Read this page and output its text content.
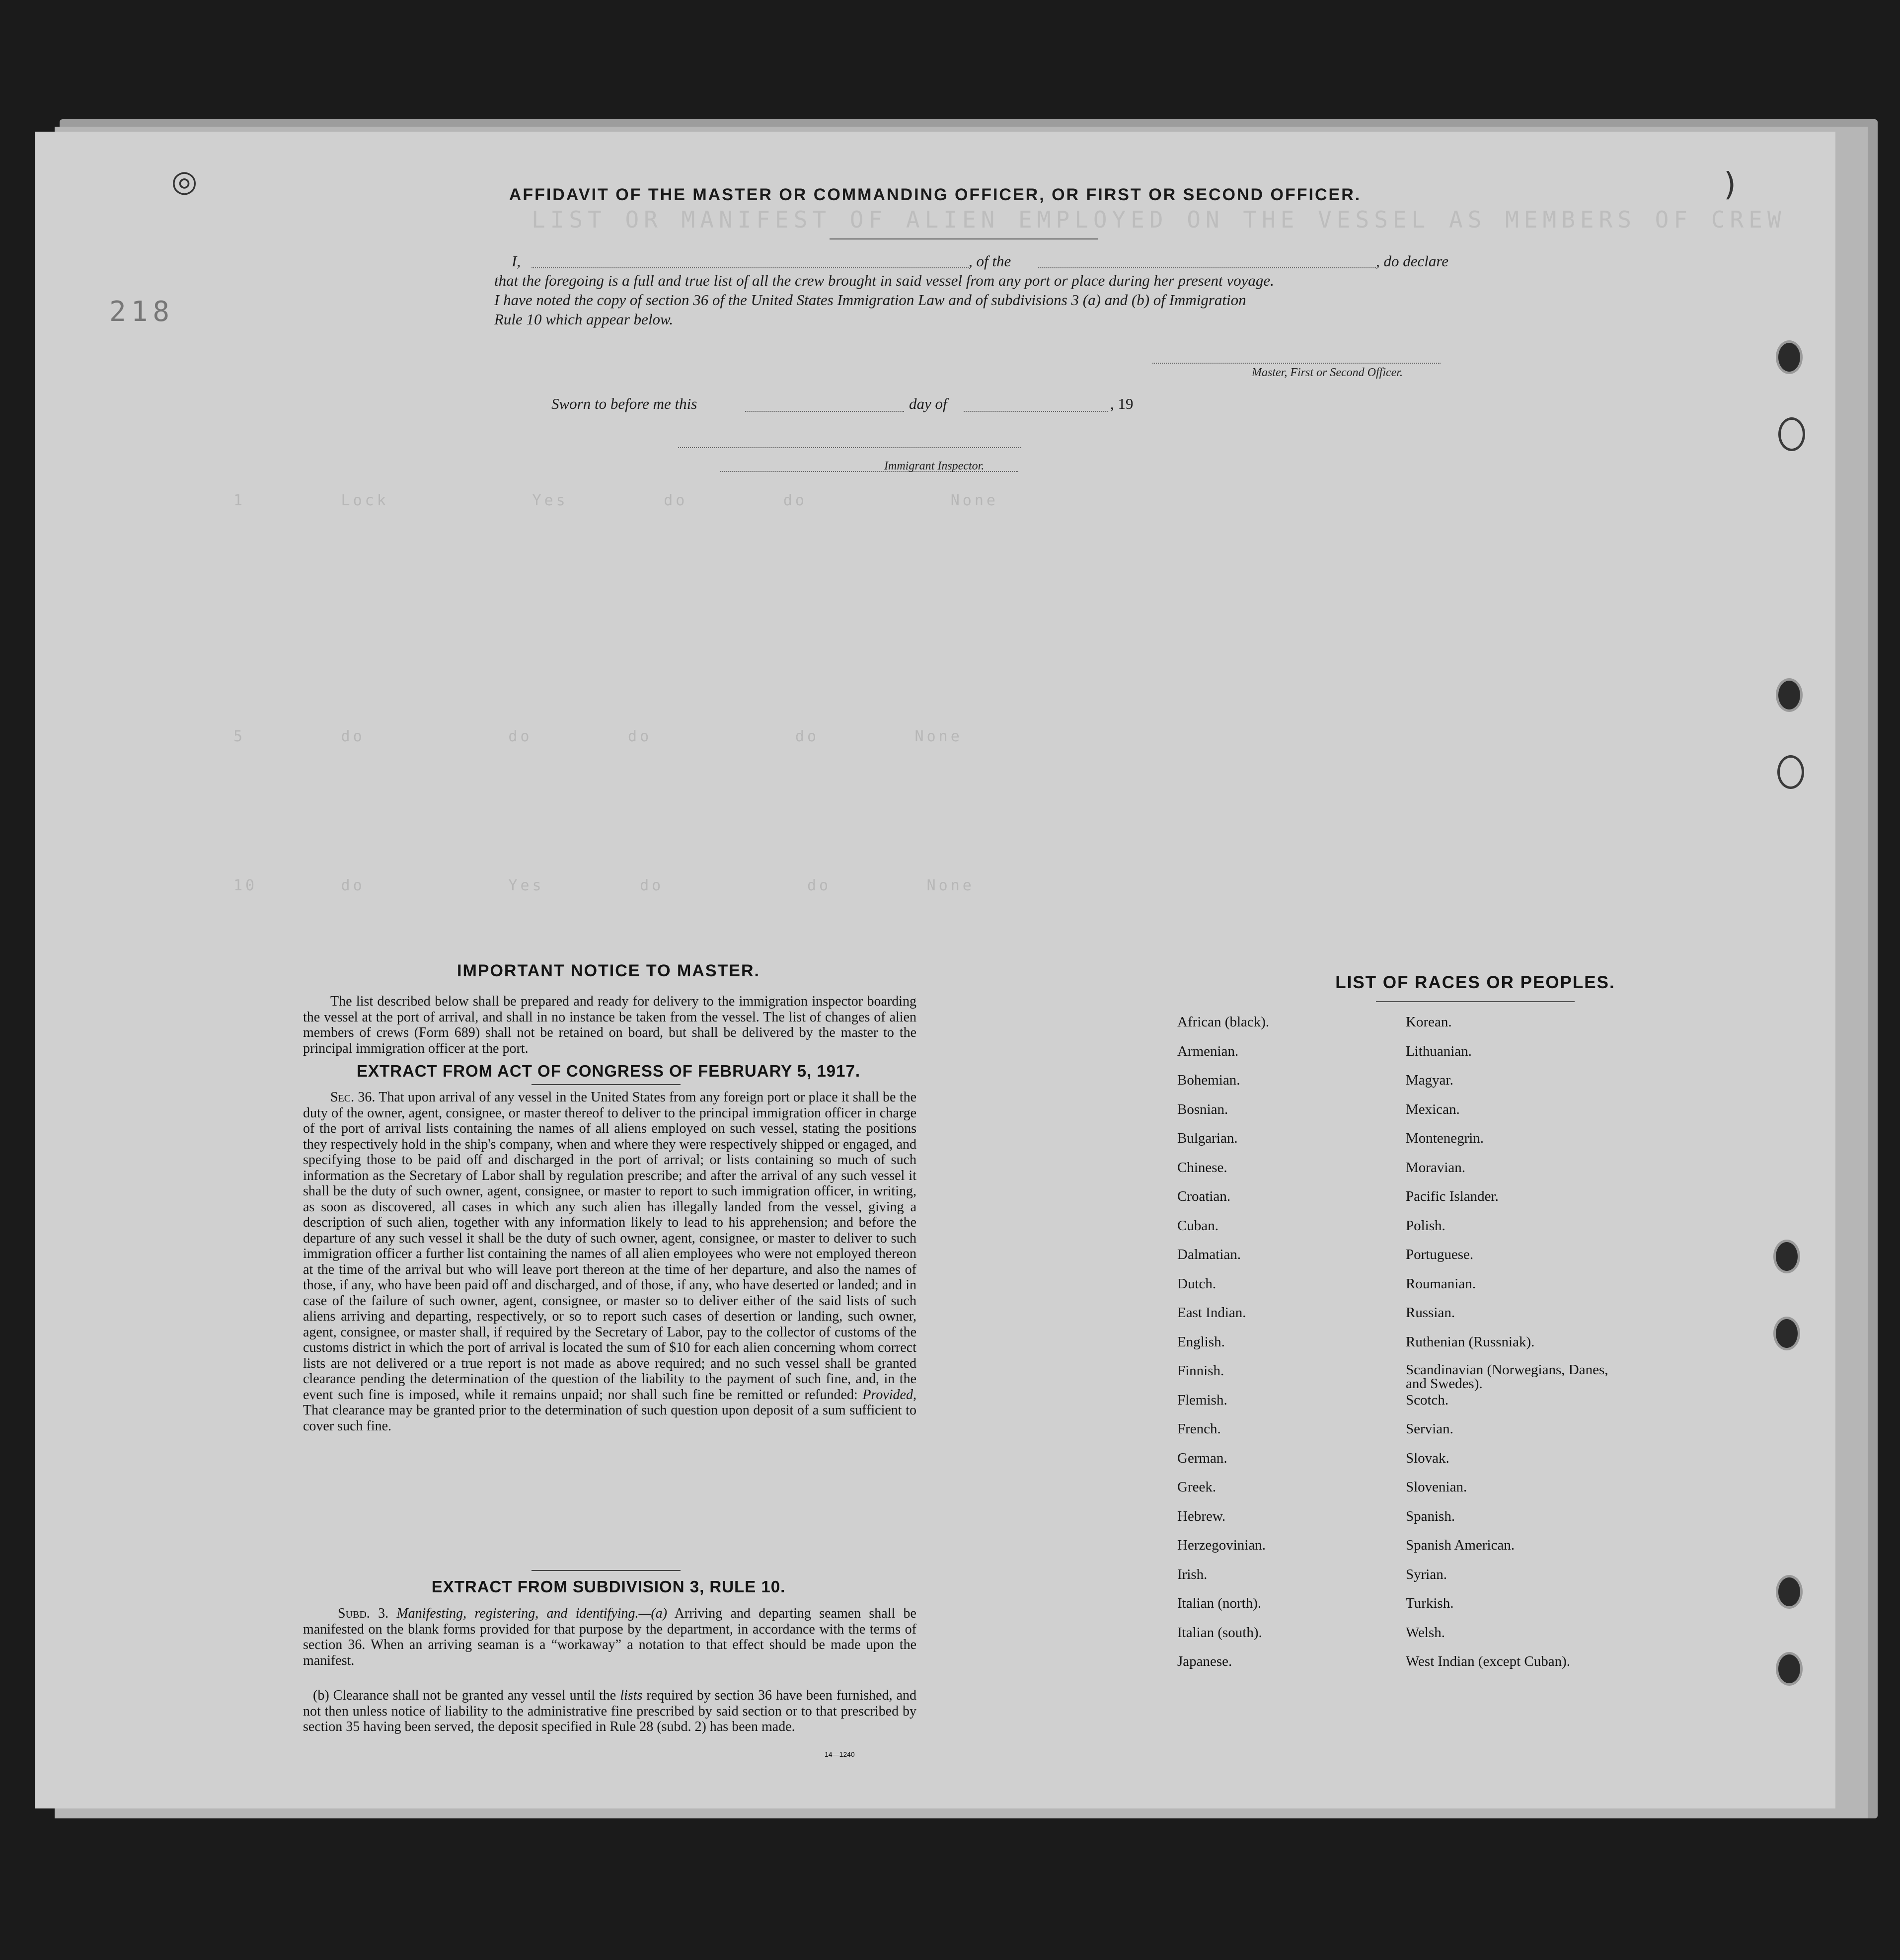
LIST OR MANIFEST OF ALIEN EMPLOYED ON THE VESSEL AS MEMBERS OF CREW
1        Lock            Yes        do        do            None
5        do            do        do            do        None
10       do            Yes        do            do        None
◎	)
218
AFFIDAVIT OF THE MASTER OR COMMANDING OFFICER, OR FIRST OR SECOND OFFICER.
I,	, of the	, do declare
that the foregoing is a full and true list of all the crew brought in said vessel from any port or place during her present voyage.
I have noted the copy of section 36 of the United States Immigration Law and of subdivisions 3 (a) and (b) of Immigration
Rule 10 which appear below.
Master, First or Second Officer.
Sworn to before me this	day of	, 19
Immigrant Inspector.
IMPORTANT NOTICE TO MASTER.
The list described below shall be prepared and ready for delivery to the immigration inspector boarding the vessel at the port of arrival, and shall in no instance be taken from the vessel. The list of changes of alien members of crews (Form 689) shall not be retained on board, but shall be delivered by the master to the principal immigration officer at the port.
EXTRACT FROM ACT OF CONGRESS OF FEBRUARY 5, 1917.
Sec. 36. That upon arrival of any vessel in the United States from any foreign port or place it shall be the duty of the owner, agent, consignee, or master thereof to deliver to the principal immigration officer in charge of the port of arrival lists containing the names of all aliens employed on such vessel, stating the positions they respectively hold in the ship's company, when and where they were respectively shipped or engaged, and specifying those to be paid off and discharged in the port of arrival; or lists containing so much of such information as the Secretary of Labor shall by regulation prescribe; and after the arrival of any such vessel it shall be the duty of such owner, agent, consignee, or master to report to such immigration officer, in writing, as soon as discovered, all cases in which any such alien has illegally landed from the vessel, giving a description of such alien, together with any information likely to lead to his apprehension; and before the departure of any such vessel it shall be the duty of such owner, agent, consignee, or master to deliver to such immigration officer a further list containing the names of all alien employees who were not employed thereon at the time of the arrival but who will leave port thereon at the time of her departure, and also the names of those, if any, who have been paid off and discharged, and of those, if any, who have deserted or landed; and in case of the failure of such owner, agent, consignee, or master so to deliver either of the said lists of such aliens arriving and departing, respectively, or so to report such cases of desertion or landing, such owner, agent, consignee, or master shall, if required by the Secretary of Labor, pay to the collector of customs of the customs district in which the port of arrival is located the sum of $10 for each alien concerning whom correct lists are not delivered or a true report is not made as above required; and no such vessel shall be granted clearance pending the determination of the question of the liability to the payment of such fine, and, in the event such fine is imposed, while it remains unpaid; nor shall such fine be remitted or refunded: Provided, That clearance may be granted prior to the determination of such question upon deposit of a sum sufficient to cover such fine.
EXTRACT FROM SUBDIVISION 3, RULE 10.
Subd. 3. Manifesting, registering, and identifying.—(a) Arriving and departing seamen shall be manifested on the blank forms provided for that purpose by the department, in accordance with the terms of section 36. When an arriving seaman is a “workaway” a notation to that effect should be made upon the manifest.
(b) Clearance shall not be granted any vessel until the lists required by section 36 have been furnished, and not then unless notice of liability to the administrative fine prescribed by said section or to that prescribed by section 35 having been served, the deposit specified in Rule 28 (subd. 2) has been made.
14—1240
LIST OF RACES OR PEOPLES.
African (black).
Armenian.
Bohemian.
Bosnian.
Bulgarian.
Chinese.
Croatian.
Cuban.
Dalmatian.
Dutch.
East Indian.
English.
Finnish.
Flemish.
French.
German.
Greek.
Hebrew.
Herzegovinian.
Irish.
Italian (north).
Italian (south).
Japanese.
Korean.
Lithuanian.
Magyar.
Mexican.
Montenegrin.
Moravian.
Pacific Islander.
Polish.
Portuguese.
Roumanian.
Russian.
Ruthenian (Russniak).
Scandinavian (Norwegians, Danes, and Swedes).
Scotch.
Servian.
Slovak.
Slovenian.
Spanish.
Spanish American.
Syrian.
Turkish.
Welsh.
West Indian (except Cuban).
